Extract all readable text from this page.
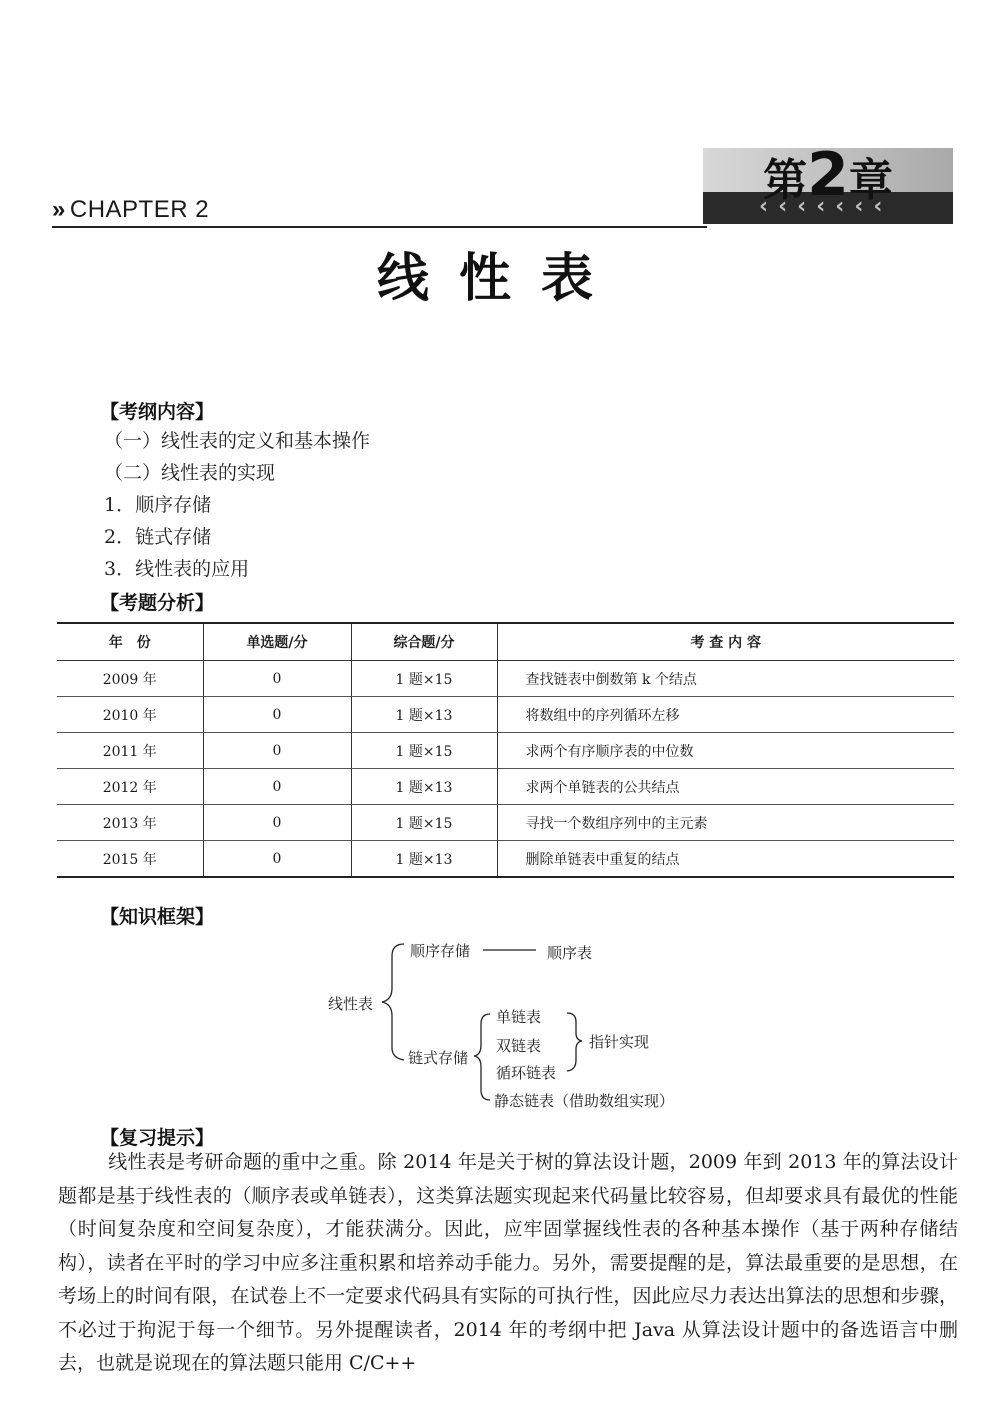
» CHAPTER 2
第2章
‹‹‹‹‹‹‹
线性表
【考纲内容】
（一）线性表的定义和基本操作
（二）线性表的实现
1．顺序存储
2．链式存储
3．线性表的应用
【考题分析】
年　份	单选题/分	综合题/分	考 查 内 容
2009 年	0	1 题×15	查找链表中倒数第 k 个结点
2010 年	0	1 题×13	将数组中的序列循环左移
2011 年	0	1 题×15	求两个有序顺序表的中位数
2012 年	0	1 题×13	求两个单链表的公共结点
2013 年	0	1 题×15	寻找一个数组序列中的主元素
2015 年	0	1 题×13	删除单链表中重复的结点
【知识框架】
顺序存储	顺序表
线性表
链式存储
单链表
双链表
循环链表
指针实现
静态链表（借助数组实现）
【复习提示】
线性表是考研命题的重中之重。除 2014 年是关于树的算法设计题，2009 年到 2013 年的算法设计题都是基于线性表的（顺序表或单链表），这类算法题实现起来代码量比较容易，但却要求具有最优的性能（时间复杂度和空间复杂度），才能获满分。因此，应牢固掌握线性表的各种基本操作（基于两种存储结构），读者在平时的学习中应多注重积累和培养动手能力。另外，需要提醒的是，算法最重要的是思想，在考场上的时间有限，在试卷上不一定要求代码具有实际的可执行性，因此应尽力表达出算法的思想和步骤，不必过于拘泥于每一个细节。另外提醒读者，2014 年的考纲中把 Java 从算法设计题中的备选语言中删去，也就是说现在的算法题只能用 C/C++
